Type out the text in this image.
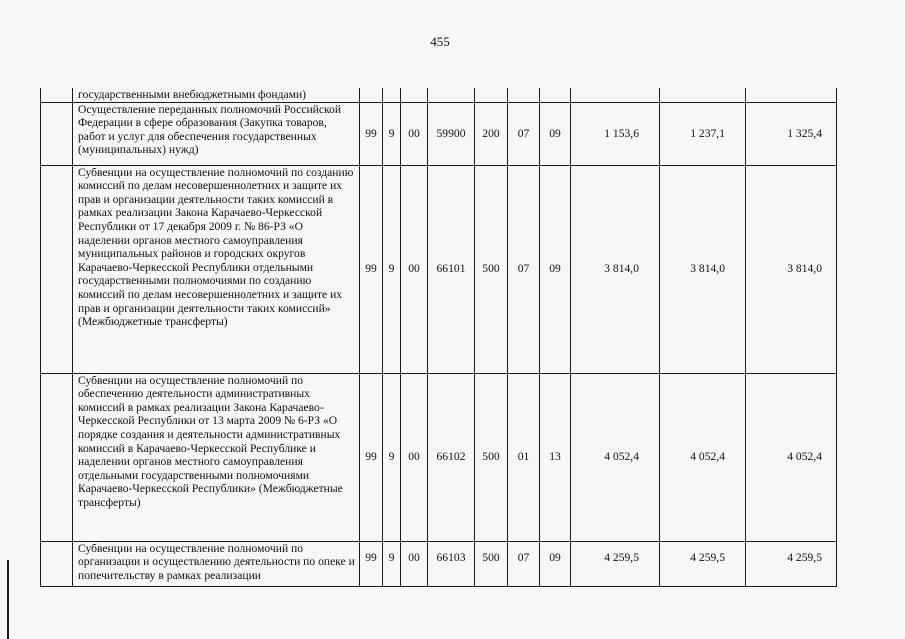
455
	государственными внебюджетными фондами)										
	Осуществление переданных полномочий Российской Федерации в сфере образования (Закупка товаров, работ и услуг для обеспечения государственных (муниципальных) нужд)	99	9	00	59900	200	07	09	1 153,6	1 237,1	1 325,4
	Субвенции на осуществление полномочий по созданию комиссий по делам несовершеннолетних и защите их прав и организации деятельности таких комиссий в рамках реализации Закона Карачаево-Черкесской Республики от 17 декабря 2009 г. № 86-РЗ «О наделении органов местного самоуправления муниципальных районов и городских округов Карачаево-Черкесской Республики отдельными государственными полномочиями по созданию комиссий по делам несовершеннолетних и защите их прав и организации деятельности таких комиссий» (Межбюджетные трансферты)	99	9	00	66101	500	07	09	3 814,0	3 814,0	3 814,0
	Субвенции на осуществление полномочий по обеспечению деятельности административных комиссий в рамках реализации Закона Карачаево-Черкесской Республики от 13 марта 2009 № 6-РЗ «О порядке создания и деятельности административных комиссий в Карачаево-Черкесской Республике и наделении органов местного самоуправления отдельными государственными полномочиями Карачаево-Черкесской Республики» (Межбюджетные трансферты)	99	9	00	66102	500	01	13	4 052,4	4 052,4	4 052,4
	Субвенции на осуществление полномочий по организации и осуществлению деятельности по опеке и попечительству в рамках реализации	99	9	00	66103	500	07	09	4 259,5	4 259,5	4 259,5
